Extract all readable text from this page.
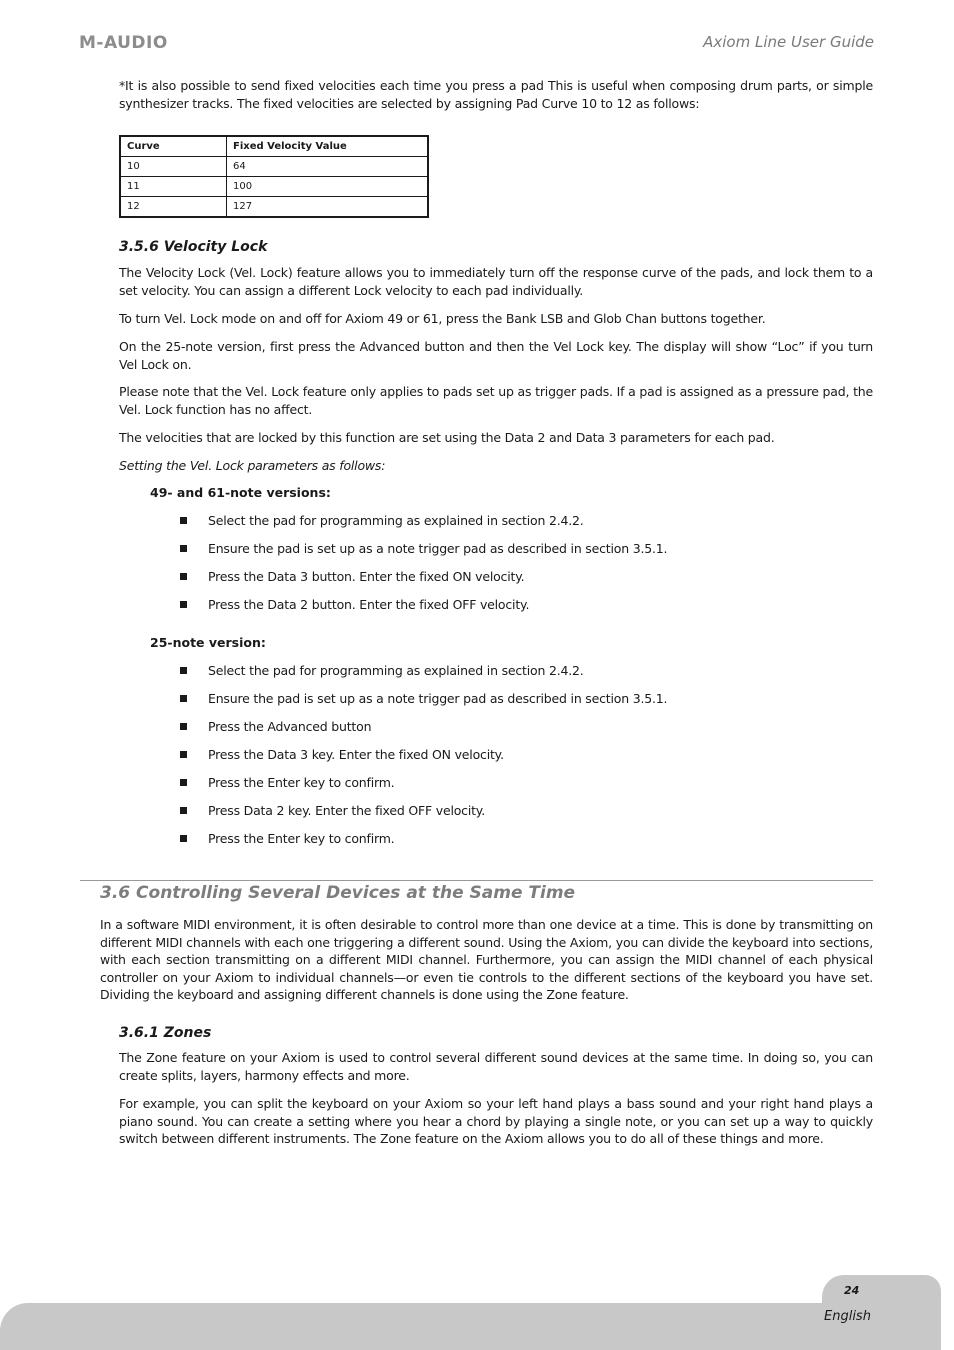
M-AUDIO	Axiom Line User Guide

*It is also possible to send fixed velocities each time you press a pad This is useful when composing drum parts, or simple synthesizer tracks. The fixed velocities are selected by assigning Pad Curve 10 to 12 as follows:

Curve	Fixed Velocity Value
10	64
11	100
12	127
3.5.6 Velocity Lock

The Velocity Lock (Vel. Lock) feature allows you to immediately turn off the response curve of the pads, and lock them to a set velocity. You can assign a different Lock velocity to each pad individually.

To turn Vel. Lock mode on and off for Axiom 49 or 61, press the Bank LSB and Glob Chan buttons together.

On the 25-note version, first press the Advanced button and then the Vel Lock key. The display will show “Loc” if you turn Vel Lock on.

Please note that the Vel. Lock feature only applies to pads set up as trigger pads. If a pad is assigned as a pressure pad, the Vel. Lock function has no affect.

The velocities that are locked by this function are set using the Data 2 and Data 3 parameters for each pad.

Setting the Vel. Lock parameters as follows:

49- and 61-note versions:
Select the pad for programming as explained in section 2.4.2.
Ensure the pad is set up as a note trigger pad as described in section 3.5.1.
Press the Data 3 button. Enter the fixed ON velocity.
Press the Data 2 button. Enter the fixed OFF velocity.
25-note version:
Select the pad for programming as explained in section 2.4.2.
Ensure the pad is set up as a note trigger pad as described in section 3.5.1.
Press the Advanced button
Press the Data 3 key. Enter the fixed ON velocity.
Press the Enter key to confirm.
Press Data 2 key. Enter the fixed OFF velocity.
Press the Enter key to confirm.
3.6 Controlling Several Devices at the Same Time

In a software MIDI environment, it is often desirable to control more than one device at a time. This is done by transmitting on different MIDI channels with each one triggering a different sound. Using the Axiom, you can divide the keyboard into sections, with each section transmitting on a different MIDI channel. Furthermore, you can assign the MIDI channel of each physical controller on your Axiom to individual channels—or even tie controls to the different sections of the keyboard you have set. Dividing the keyboard and assigning different channels is done using the Zone feature.

3.6.1 Zones

The Zone feature on your Axiom is used to control several different sound devices at the same time. In doing so, you can create splits, layers, harmony effects and more.

For example, you can split the keyboard on your Axiom so your left hand plays a bass sound and your right hand plays a piano sound. You can create a setting where you hear a chord by playing a single note, or you can set up a way to quickly switch between different instruments. The Zone feature on the Axiom allows you to do all of these things and more.

24
English
